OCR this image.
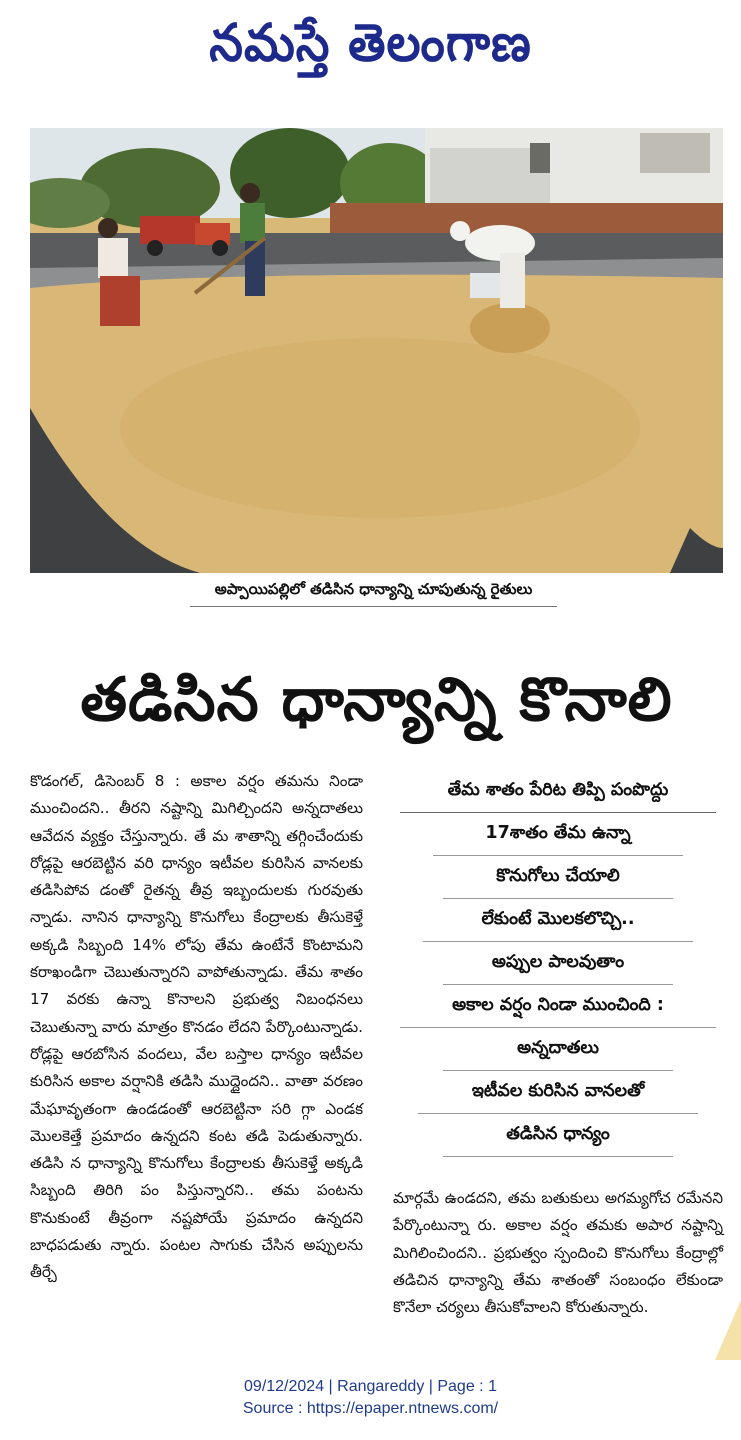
నమస్తే తెలంగాణ
అప్పాయిపల్లిలో తడిసిన ధాన్యాన్ని చూపుతున్న రైతులు
తడిసిన ధాన్యాన్ని కొనాలి

కొడంగల్, డిసెంబర్ 8 : అకాల వర్షం తమను నిండా ముంచిందని.. తీరని నష్టాన్ని మిగిల్చిందని అన్నదాతలు ఆవేదన వ్యక్తం చేస్తున్నారు. తే మ శాతాన్ని తగ్గించేందుకు రోడ్లపై ఆరబెట్టిన వరి ధాన్యం ఇటీవల కురిసిన వానలకు తడిసిపోవ డంతో రైతన్న తీవ్ర ఇబ్బందులకు గురవుతు న్నాడు. నానిన ధాన్యాన్ని కొనుగోలు కేంద్రాలకు తీసుకెళ్తే అక్కడి సిబ్బంది 14% లోపు తేమ ఉంటేనే కొంటామని కరాఖండిగా చెబుతున్నారని వాపోతున్నాడు. తేమ శాతం 17 వరకు ఉన్నా కొనాలని ప్రభుత్వ నిబంధనలు చెబుతున్నా వారు మాత్రం కొనడం లేదని పేర్కొంటున్నాడు. రోడ్లపై ఆరబోసిన వందలు, వేల బస్తాల ధాన్యం ఇటీవల కురిసిన అకాల వర్షానికి తడిసి ముద్దైందని.. వాతా వరణం మేఘావృతంగా ఉండడంతో ఆరబెట్టినా సరి గ్గా ఎండక మొలకెత్తే ప్రమాదం ఉన్నదని కంట తడి పెడుతున్నారు. తడిసి న ధాన్యాన్ని కొనుగోలు కేంద్రాలకు తీసుకెళ్తే అక్కడి సిబ్బంది తిరిగి పం పిస్తున్నారని.. తమ పంటను కొనుకుంటే తీవ్రంగా నష్టపోయే ప్రమాదం ఉన్నదని బాధపడుతు న్నారు. పంటల సాగుకు చేసిన అప్పులను తీర్చే

తేమ శాతం పేరిట తిప్పి పంపొద్దు
17శాతం తేమ ఉన్నా
కొనుగోలు చేయాలి
లేకుంటే మొలకలొచ్చి..
అప్పుల పాలవుతాం
అకాల వర్షం నిండా ముంచింది :
అన్నదాతలు
ఇటీవల కురిసిన వానలతో
తడిసిన ధాన్యం

మార్గమే ఉండదని, తమ బతుకులు అగమ్యగోచ రమేనని పేర్కొంటున్నా రు. అకాల వర్షం తమకు అపార నష్టాన్ని మిగిలించిందని.. ప్రభుత్వం స్పందించి కొనుగోలు కేంద్రాల్లో తడిచిన ధాన్యాన్ని తేమ శాతంతో సంబంధం లేకుండా కొనేలా చర్యలు తీసుకోవాలని కోరుతున్నారు.

09/12/2024 | Rangareddy | Page : 1
Source : https://epaper.ntnews.com/
